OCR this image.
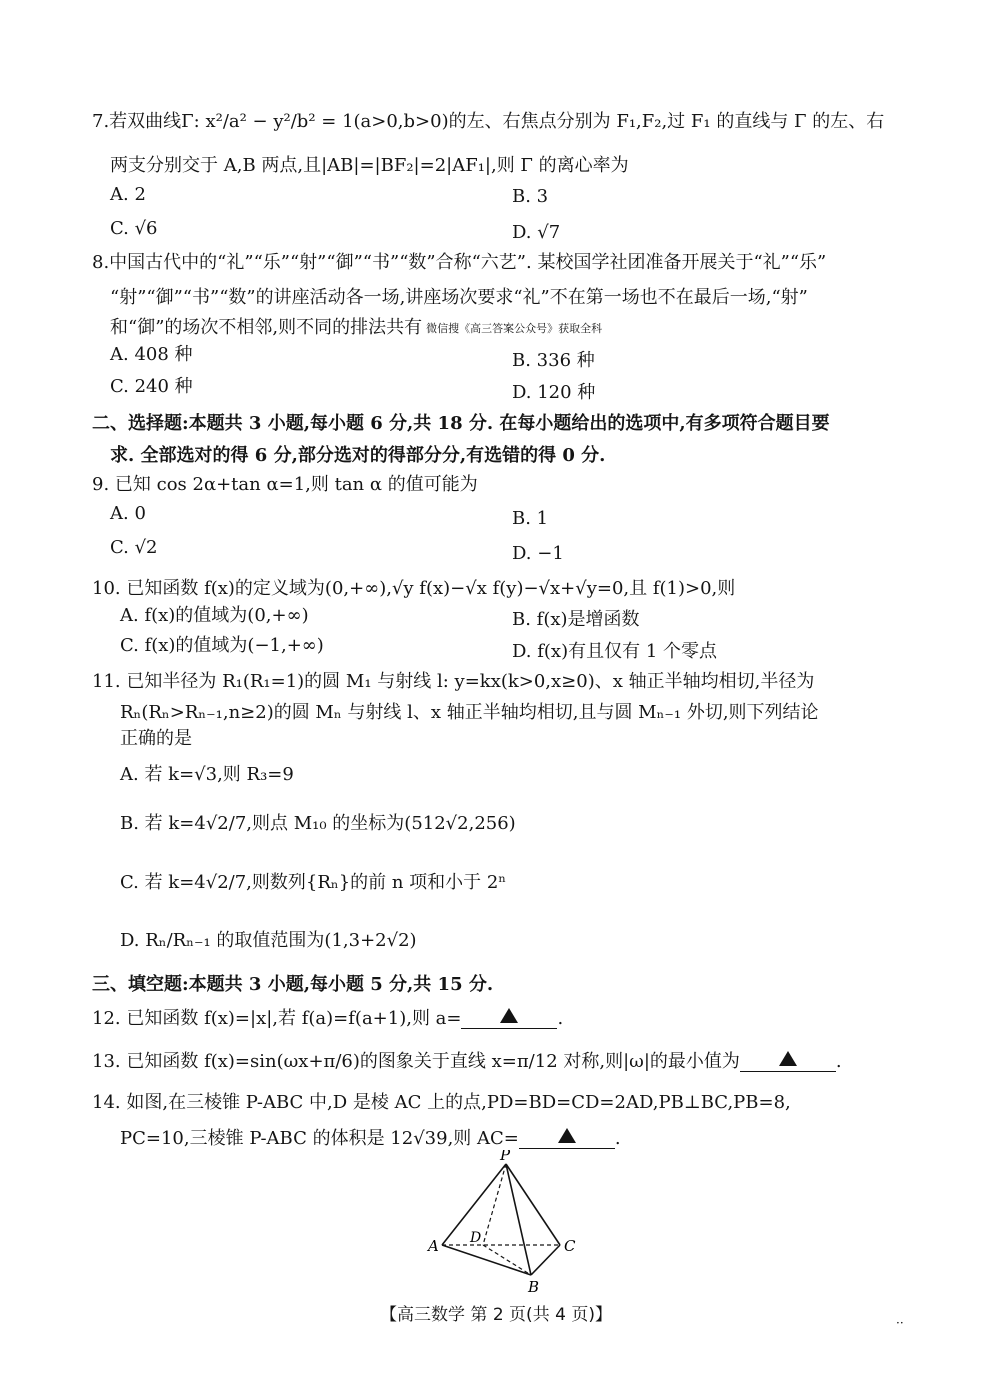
7.若双曲线Γ: x²/a² − y²/b² = 1(a>0,b>0)的左、右焦点分别为 F₁,F₂,过 F₁ 的直线与 Γ 的左、右
两支分别交于 A,B 两点,且|AB|=|BF₂|=2|AF₁|,则 Γ 的离心率为
A. 2	B. 3
C. √6	D. √7
8.中国古代中的“礼”“乐”“射”“御”“书”“数”合称“六艺”. 某校国学社团准备开展关于“礼”“乐”
“射”“御”“书”“数”的讲座活动各一场,讲座场次要求“礼”不在第一场也不在最后一场,“射”
和“御”的场次不相邻,则不同的排法共有 微信搜《高三答案公众号》获取全科
A. 408 种	B. 336 种
C. 240 种	D. 120 种
二、选择题:本题共 3 小题,每小题 6 分,共 18 分. 在每小题给出的选项中,有多项符合题目要
求. 全部选对的得 6 分,部分选对的得部分分,有选错的得 0 分.
9. 已知 cos 2α+tan α=1,则 tan α 的值可能为
A. 0	B. 1
C. √2	D. −1
10. 已知函数 f(x)的定义域为(0,+∞),√y f(x)−√x f(y)−√x+√y=0,且 f(1)>0,则
A. f(x)的值域为(0,+∞)	B. f(x)是增函数
C. f(x)的值域为(−1,+∞)	D. f(x)有且仅有 1 个零点
11. 已知半径为 R₁(R₁=1)的圆 M₁ 与射线 l: y=kx(k>0,x≥0)、x 轴正半轴均相切,半径为
Rₙ(Rₙ>Rₙ₋₁,n≥2)的圆 Mₙ 与射线 l、x 轴正半轴均相切,且与圆 Mₙ₋₁ 外切,则下列结论
正确的是
A. 若 k=√3,则 R₃=9
B. 若 k=4√2/7,则点 M₁₀ 的坐标为(512√2,256)
C. 若 k=4√2/7,则数列{Rₙ}的前 n 项和小于 2ⁿ
D. Rₙ/Rₙ₋₁ 的取值范围为(1,3+2√2)
三、填空题:本题共 3 小题,每小题 5 分,共 15 分.
12. 已知函数 f(x)=|x|,若 f(a)=f(a+1),则 a=	.
13. 已知函数 f(x)=sin(ωx+π/6)的图象关于直线 x=π/12 对称,则|ω|的最小值为	.
14. 如图,在三棱锥 P-ABC 中,D 是棱 AC 上的点,PD=BD=CD=2AD,PB⊥BC,PB=8,
PC=10,三棱锥 P-ABC 的体积是 12√39,则 AC=	.
P
A	C
B
D
【高三数学 第 2 页(共 4 页)】	··
